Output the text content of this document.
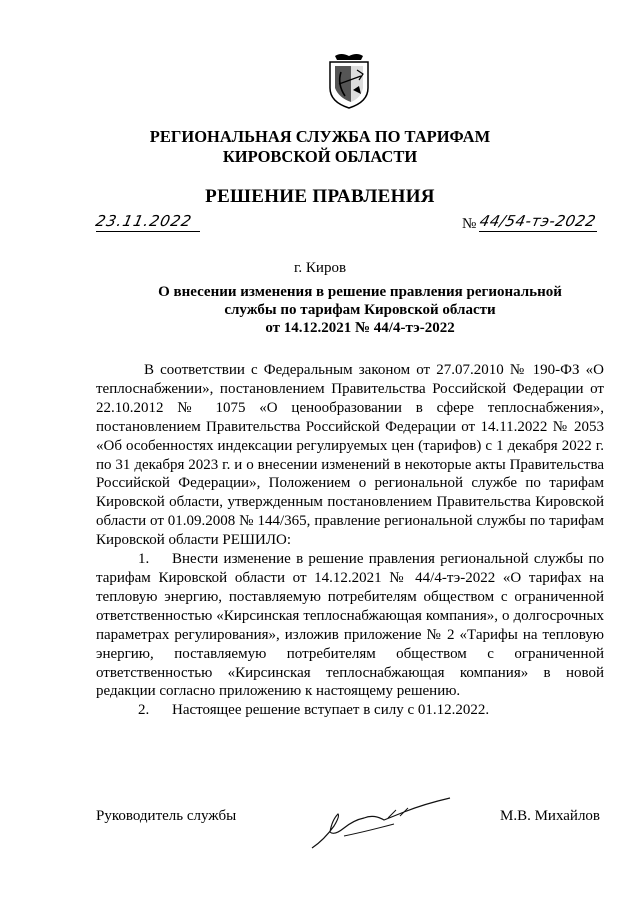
РЕГИОНАЛЬНАЯ СЛУЖБА ПО ТАРИФАМ
КИРОВСКОЙ ОБЛАСТИ
РЕШЕНИЕ ПРАВЛЕНИЯ
23.11.2022	№ 44/54-тэ-2022
г. Киров
О внесении изменения в решение правления региональной
службы по тарифам Кировской области
от 14.12.2021 № 44/4-тэ-2022

В соответствии с Федеральным законом от 27.07.2010 № 190-ФЗ «О теплоснабжении», постановлением Правительства Российской Федерации от 22.10.2012 № 1075 «О ценообразовании в сфере теплоснабжения», постановлением Правительства Российской Федерации от 14.11.2022 № 2053 «Об особенностях индексации регулируемых цен (тарифов) с 1 декабря 2022 г. по 31 декабря 2023 г. и о внесении изменений в некоторые акты Правительства Российской Федерации», Положением о региональной службе по тарифам Кировской области, утвержденным постановлением Правительства Кировской области от 01.09.2008 № 144/365, правление региональной службы по тарифам Кировской области РЕШИЛО:

1. Внести изменение в решение правления региональной службы по тарифам Кировской области от 14.12.2021 № 44/4-тэ-2022 «О тарифах на тепловую энергию, поставляемую потребителям обществом с ограниченной ответственностью «Кирсинская теплоснабжающая компания», о долгосрочных параметрах регулирования», изложив приложение № 2 «Тарифы на тепловую энергию, поставляемую потребителям обществом с ограниченной ответственностью «Кирсинская теплоснабжающая компания» в новой редакции согласно приложению к настоящему решению.

2. Настоящее решение вступает в силу с 01.12.2022.

Руководитель службы	М.В. Михайлов
